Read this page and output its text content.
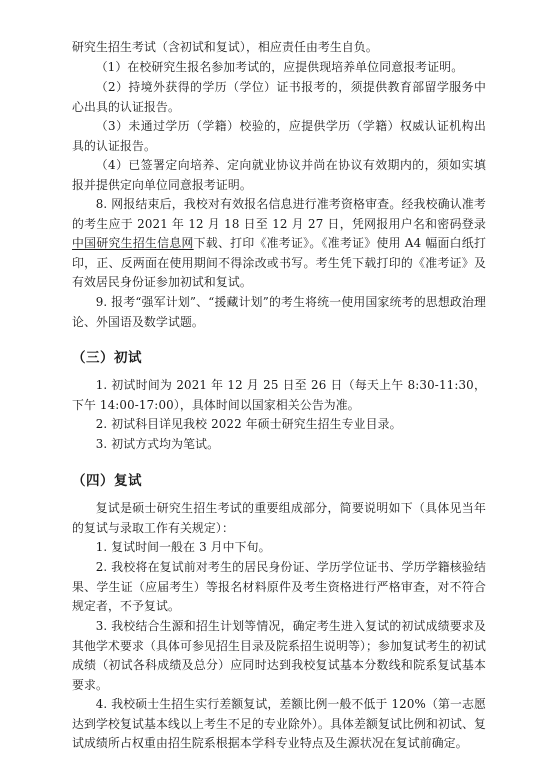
研究生招生考试（含初试和复试），相应责任由考生自负。

（1）在校研究生报名参加考试的，应提供现培养单位同意报考证明。

（2）持境外获得的学历（学位）证书报考的，须提供教育部留学服务中心出具的认证报告。

（3）未通过学历（学籍）校验的，应提供学历（学籍）权威认证机构出具的认证报告。

（4）已签署定向培养、定向就业协议并尚在协议有效期内的，须如实填报并提供定向单位同意报考证明。

8. 网报结束后，我校对有效报名信息进行准考资格审查。经我校确认准考的考生应于 2021 年 12 月 18 日至 12 月 27 日，凭网报用户名和密码登录中国研究生招生信息网下载、打印《准考证》。《准考证》使用 A4 幅面白纸打印，正、反两面在使用期间不得涂改或书写。考生凭下载打印的《准考证》及有效居民身份证参加初试和复试。

9. 报考“强军计划”、“援藏计划”的考生将统一使用国家统考的思想政治理论、外国语及数学试题。

（三）初试

1. 初试时间为 2021 年 12 月 25 日至 26 日（每天上午 8:30-11:30，下午 14:00-17:00），具体时间以国家相关公告为准。

2. 初试科目详见我校 2022 年硕士研究生招生专业目录。

3. 初试方式均为笔试。

（四）复试

复试是硕士研究生招生考试的重要组成部分，简要说明如下（具体见当年的复试与录取工作有关规定）：

1. 复试时间一般在 3 月中下旬。

2. 我校将在复试前对考生的居民身份证、学历学位证书、学历学籍核验结果、学生证（应届考生）等报名材料原件及考生资格进行严格审查，对不符合规定者，不予复试。

3. 我校结合生源和招生计划等情况，确定考生进入复试的初试成绩要求及其他学术要求（具体可参见招生目录及院系招生说明等）；参加复试考生的初试成绩（初试各科成绩及总分）应同时达到我校复试基本分数线和院系复试基本要求。

4. 我校硕士生招生实行差额复试，差额比例一般不低于 120%（第一志愿达到学校复试基本线以上考生不足的专业除外）。具体差额复试比例和初试、复试成绩所占权重由招生院系根据本学科专业特点及生源状况在复试前确定。
